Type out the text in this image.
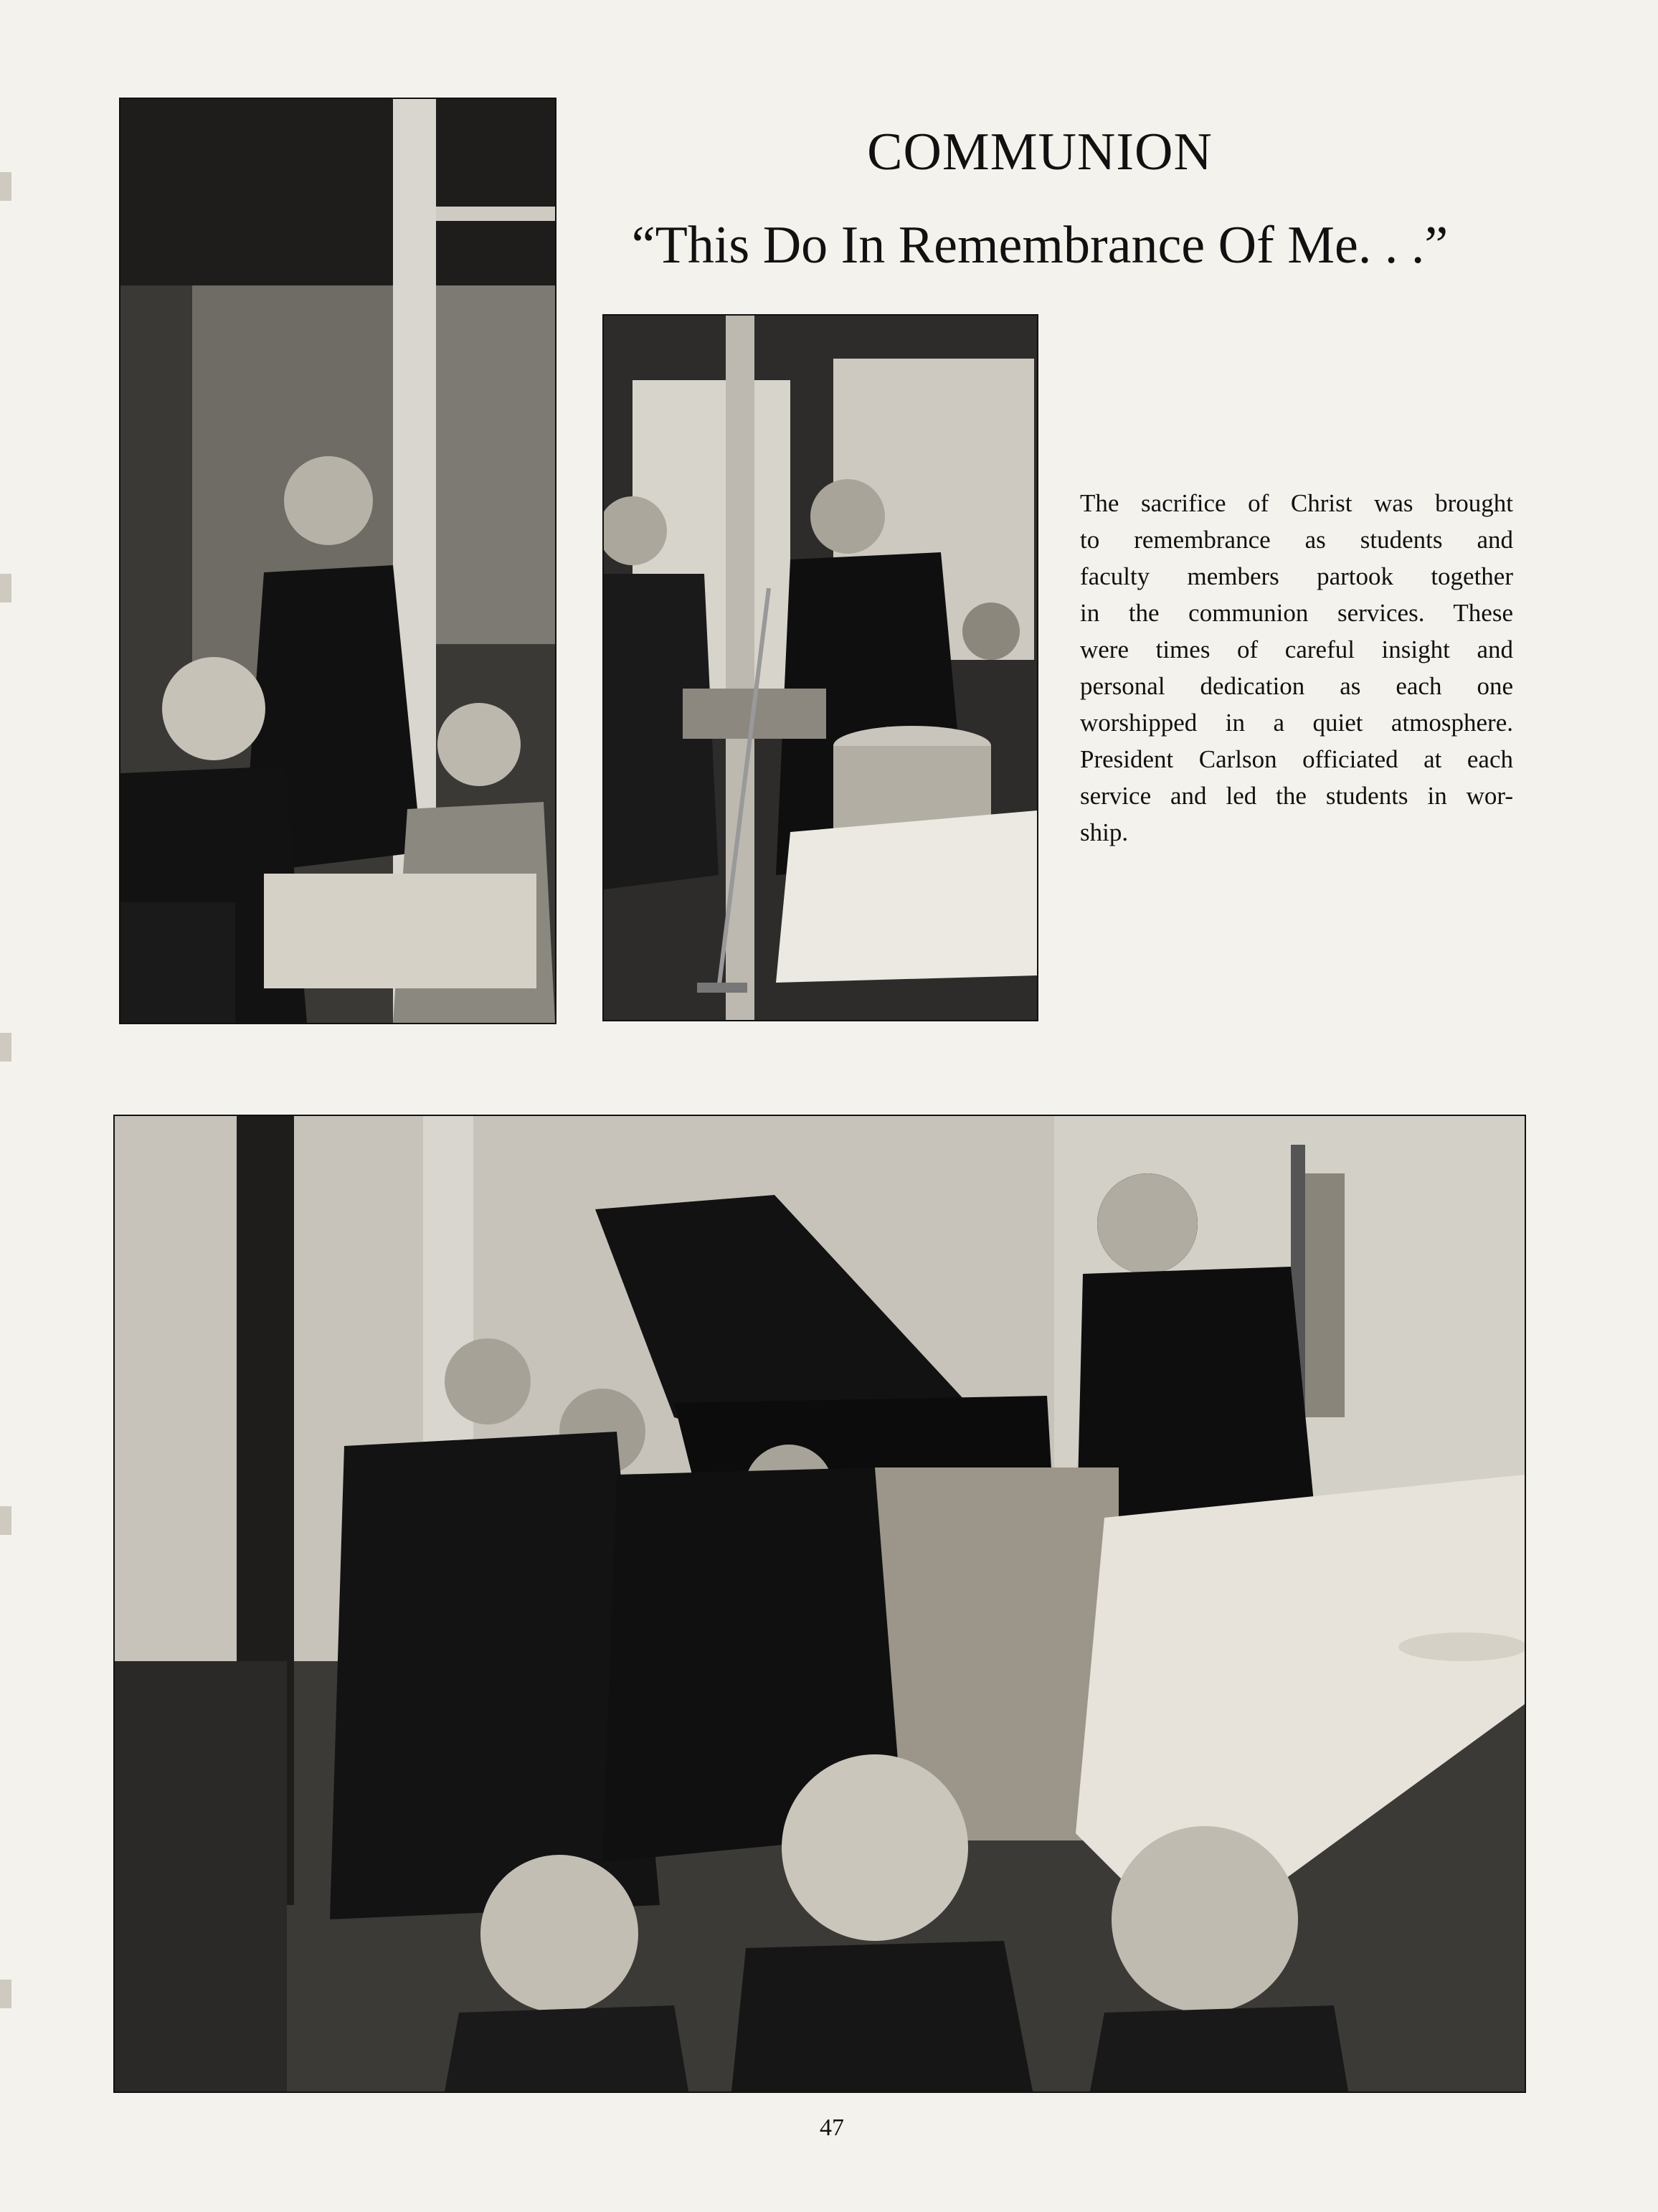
COMMUNION
“This Do In Remembrance Of Me. . .”

The sacrifice of Christ was brought
to remembrance as students and
faculty members partook together
in the communion services. These
were times of careful insight and
personal dedication as each one
worshipped in a quiet atmosphere.
President Carlson officiated at each
service and led the students in wor-
ship.

47
